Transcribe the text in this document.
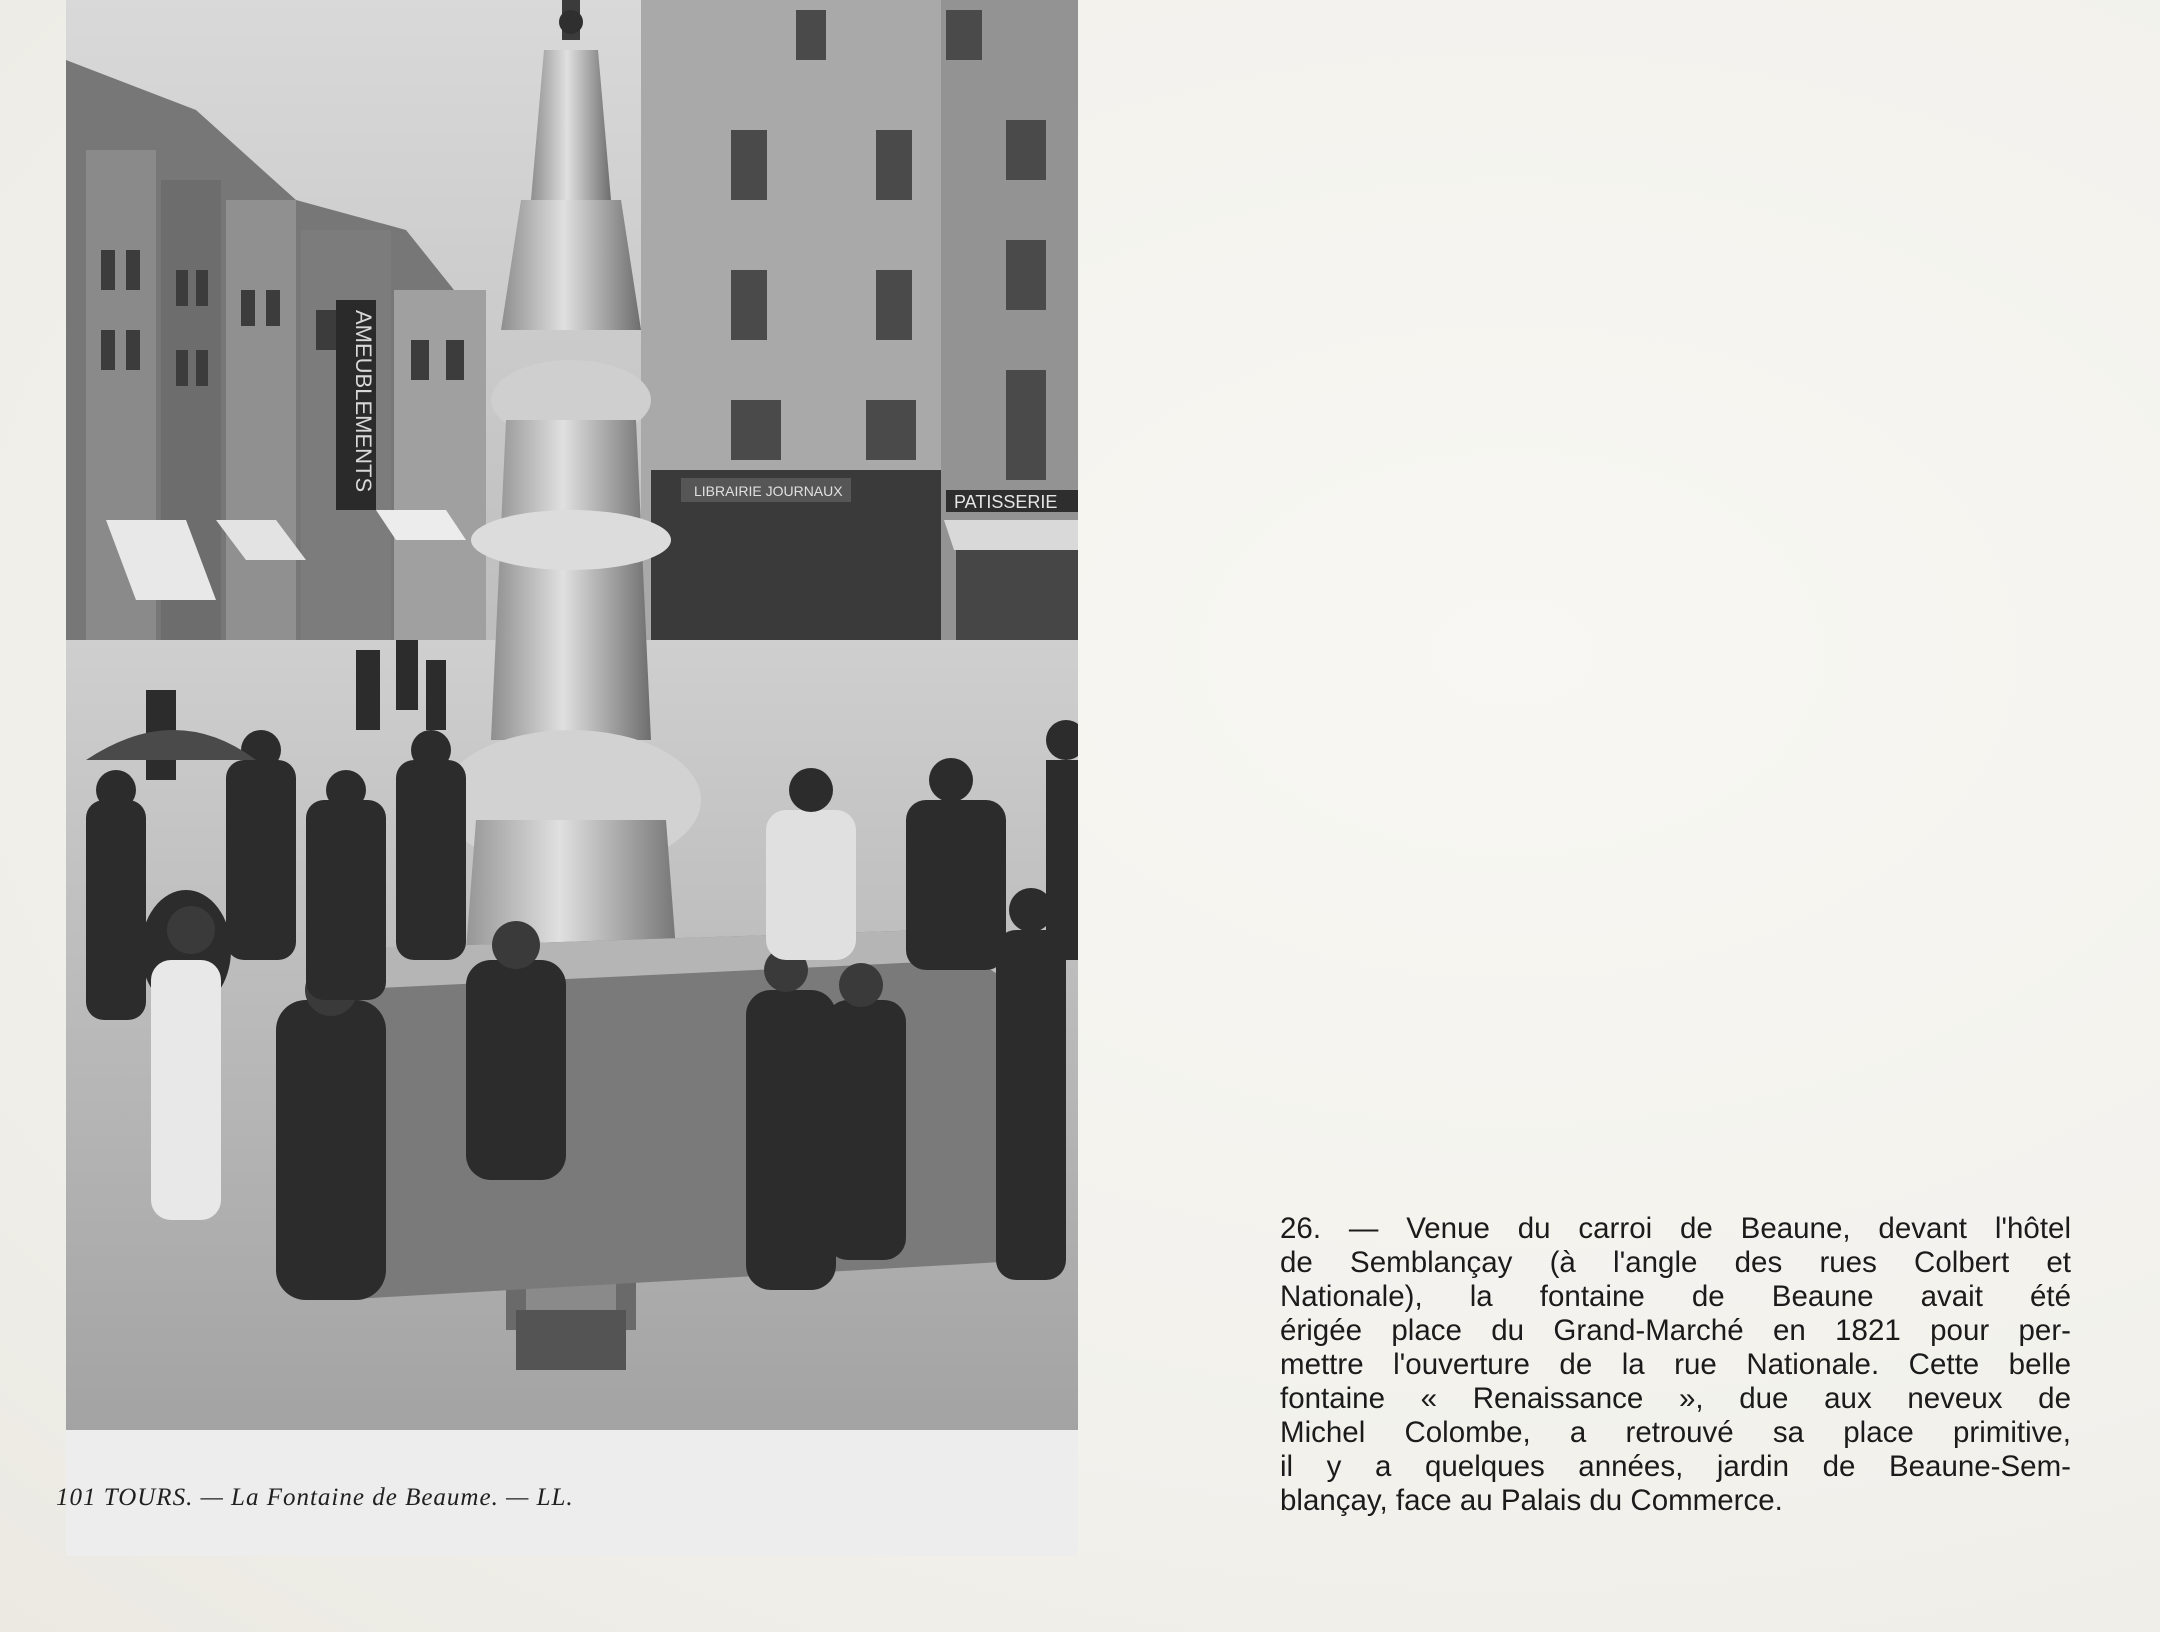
AMEUBLEMENTS	LIBRAIRIE JOURNAUX
PATISSERIE
101 TOURS. — La Fontaine de Beaume. — LL.
26. — Venue du carroi de Beaune, devant l'hôtel
de Semblançay (à l'angle des rues Colbert et
Nationale), la fontaine de Beaune avait été
érigée place du Grand-Marché en 1821 pour per-
mettre l'ouverture de la rue Nationale. Cette belle
fontaine « Renaissance », due aux neveux de
Michel Colombe, a retrouvé sa place primitive,
il y a quelques années, jardin de Beaune-Sem-
blançay, face au Palais du Commerce.
